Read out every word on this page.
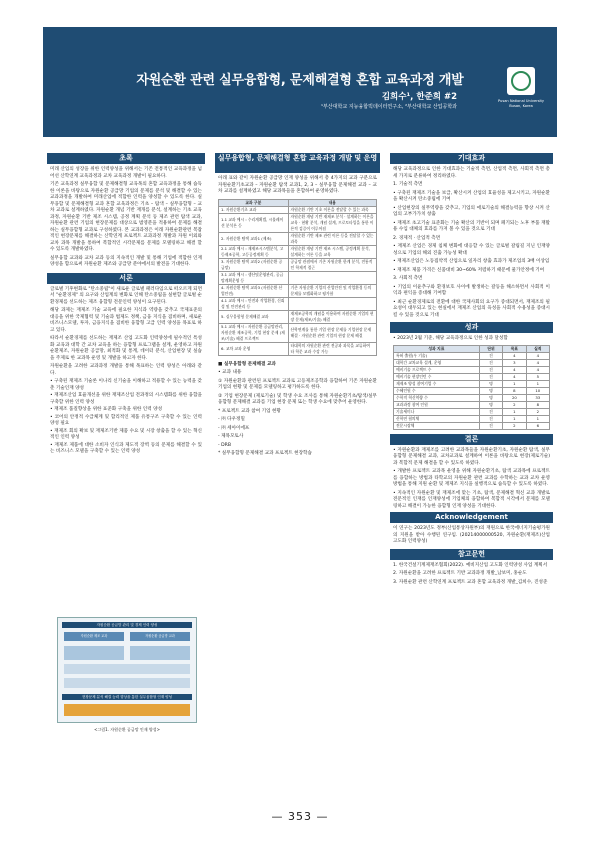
자원순환 관련 실무융합형, 문제해결형 혼합 교육과정 개발
김희수¹, 한준희 #2
¹부산대학교 지능융합빅데이터연구소, ²부산대학교 산업공학과
Pusan National University Busan, Korea
초록

미래 산업의 성장을 위한 인력양성을 위해서는 기존 전통적인 교육과정을 넘어선 산학연계 교육과정과 교차 교육과정 개발이 필요하다.

기존 교육과정 실무융합 및 문제해결형 교육목의 혼합 교육과정을 통해 습득한 이론을 바탕으로 자원순환 공급망 기업의 문제를 분석 및 해결할 수 있는 교과과정을 개발하여 미래산업에 적합한 인력을 양성할 수 있도록 한다. 실무융합 및 문제해결형 교과 혼합 교육과정은 기초 – 탐색 – 실무융합형 – 교차 교과로 설계하였다. 자원순환 개념 기반 재개를 분석, 설계하는 기초 교육과정, 자원순환 기반 제조 시스템, 공정 계획 분석 등 제조 관련 탐색 교과, 자원순환 관련 기업의 현장문제를 대상으로 범영분을 적용하여 문제를 해결하는 실무융합형 교과로 구성하였다. 본 교과과정은 이래 자원순환관련 복잡적인 현장문제를 해결하는 산학연계 프로젝트 교과과정 개발과 자원 이외와 교차 과목 개발을 통하여 복합적인 시각문제를 문제를 모델링하고 해결 할 수 있도록 개발하였다.

실무융합 교과와 교차 교과 등의 지속적인 개발 및 통해 기업에 적합한 인재양성을 함으로써 자원순환 제조와 공급망 분야에서의 발전을 기대한다.

서론

글로벌 기후변화로 "탄소중립"이 새로운 글로벌 패러다임으로 떠오르게 되면서 "순환경제" 의 요구와 산업계의 변화로 인해 탄소중립을 실현할 글로벌 순환경제를 선도하는 제조 융합형 전문인력 양성이 요구된다.

해당 과제는 재제조 기술 교육에 필요한 지식과 역량을 갖추고 국제표준의 대응을 위한 국제협력 및 기술과 법제도 정책, 금융 지식을 겸비하며, 새로운 비즈니스모델, 투자, 금융지식을 겸비한 융합형 고급 인력 양성을 목표로 하고 있다.

따라서 순환경제를 선도하는 재제조 산업 고도화 인력양성에 필수적인 특성화 교육과 대학 간 교차 교육을 하는 융합형 프로그램을 설계, 운영하고 자원순환제조, 자원순환 공급망, 최적화 및 통계, 데이터 분석, 산업현장 및 실습을 주제로 한 교과목 운영 및 개발을 하고자 한다.

자원순환을 고려한 교과과정 개발을 통해 목표하는 인력 양성은 아래와 같다.

• 구축된 재제조 기술론 이나리 신기술을 이해하고 적용할 수 있는 능력을 갖춘 기술인재 양성
• 재제조산업 효율개선을 위한 재제조산업 전과정의 시스템화를 위한 융합을 구축할 위한 인력 양성
• 재제조 품질향상을 위한 표준화 구축을 위한 인력 양성
• 코어의 안정적 수급체계 및 합리적인 제품 유통구조 구축할 수 있는 인력 양성 필요
• 재제조 회의 확보 및 재제조기반 제품 수요 및 시장 창출을 할 수 있는 혁신적인 인력 양성
• 재제조 제품에 대한 소비자 인식과 제도적 장벽 등의 문제를 해결할 수 있는 비즈니스 모델을 구축할 수 있는 인력 양성
자원순환 공급망 관리 및 경제 인력 양성
자원순환 제조 교과	자원순환 공급망 교과
현장문제 분석 해결 능력 향상을 통한 실무융합형 인재 양성
<그림1. 자원순환 공급망 인재 양성>
실무융합형, 문제해결형 혼합 교육과정 개발 및 운영
아래 표와 같이 자원순환 공급망 인재 양성을 위해서 총 4가지의 교과 구분으로 자원순환기초교과 – 자원순환 탐색 교과1, 2, 3 – 실무융합 문제해결 교과 – 교차 교과를 설계하였고 해당 교과목들을 혼합하여 운영하였다.
교과 구분	내용
1. 자원순환기초 교과	자원순환 기반 기초 이론을 전달할 수 있는 과목
1.1 교과 예시 : 수리계획법, 시뮬레이션 분석론 등	자원순환 개념 기반 재제조 분석 · 설계하는 이론을 교육 · 현황 분석, 개념 설계, 프로토타입을 통한 이론적 검증이 이루어짐
2. 자원순환 탐색 교과1 (제조)	자원순환 기반 제조 관련 이론 등을 전달할 수 있는 과목
2.1 교과 예시 : 재제조시스템분석, 고등제조공학, 고등공정계획 등	자원순환 개념 기반 제조 시스템, 공정계획 분석, 설계하는 이론 등을 교육
3. 자원순환 탐색 교과2 (자원순환 공급망)	공급망 관점에서 기존 자원순환 한계 분석, 전통적인 학제적 접근
3.1 교과 예시 : 생산및운영관리, 공급망계획운영 등	
4. 자원순환 탐색 교과3 (자원순환 산업안전)	기존 자원순환 기업의 산업안전 및 작업환경 등의 문제를 모델화하고 평가함
4.1 교과 예시 : 안전과 작업환경, 신뢰성 및 안전관리 등	
5. 실무융합형 문제해결 교과	재제조공학의 개념을 이용하여 자원순환 기업의 현장 문제(제조/기술) 해결
5.1 교과 예시 : 자원순환 공급망관리, 자원순환 제조공학, 기업 현장 문제 (제조/기술) 해결 프로젝트	산학연계를 통한 기업 현장 문제를 기업현장 문제 해결 · 자원순환 관련 기업의 현장 문제 해결
6. 교차 교과 운영	타대학의 자원순환 관련 전공과 과목을 교류하여 타 학문 교과 수강 가능

■ 실무융합형 문제해결 교과

• 교과 내용

① 자원순환과 관련된 프로젝트 교과로 고등제조공학과 융합하여 기존 자원순환 기업의 현황 및 문제를 모델링하고 평가하도록 한다.

② 기업 현장문제 (제로기술) 및 학생 수요 조사를 통해 자원순환기초/탐색/실무융합형 문제해결 교과를 기업 현장 문제 또는 학생 수요에 맞추어 운영한다.

* 프로젝트 교과 참여 기업 현황

- ㈜ 다우정밀

- ㈜ 세아이에프

- 제목모토사

- DRB

* 실무융합형 문제해결 교과 프로젝트 현장학습

기대효과

해당 교육과정으로 인한 기대효과는 기술적 측면, 산업적 측면, 사회적 측면 총 세 가지로 분류하여 정리하였다.

1. 기술적 측면

• 구축된 재제조 기술을 보급, 확산시켜 산업의 효율성을 제고시키고, 자원순환을 확산시켜 탄소중립에 기여

• 산업현장의 실무역량을 갖추고, 기업의 애로기술의 해결능력을 향상 시켜 산업의 고부가가치 창출

• 재제조 초고기술 표준화는 기술 확산의 기반이 되며 폐기되는 노후 부품 재활용 수입 대체의 효과를 가져 볼 수 있을 것으로 기대

2. 경제적 · 산업적 측면

• 재제조 산업은 경제 침체 변화에 대응할 수 있는 글로벌 갈림길 지닌 인재양성으로 기업의 해외 진출 가능성 확대

• 재제조산업은 노동집약적 산업으로 일자리 창출 효과가 제조업의 3배 이상임

• 재제조 제품 가격은 신품대비 30~60% 저렴하기 때문에 물가안정에 기여

3. 사회적 측면

• 기업의 이윤추구와 환경보호 사이에 발생하는 갈등을 해소하면서 사회적 이익과 편익을 증대해 기여함

• 최근 순환경제로의 전환에 대한 국제사회의 요구가 증대되면서, 재제조의 필요성이 대두되고 있는 현실에서 재제조 산업의 육성을 사회적 수용성을 증대시킬 수 있을 것으로 기대

성과
• 2023년 2월 기준, 해당 교육과정으로 인한 성과 달성함
성과 지표	단위	목표	실적
특허 출원(우 기술)	건	4	4
대학간 교차교육 설계, 운영	건	3	4
예비기술 프로젝트 수	건	4	4
예비기술 현장인턴 수	건	4	5
재제조 양성 참여기업 수	명	1	1
수혜인원 수	명	8	10
수학적 혁신역량 수	명	20	33
교과과정 참여 인원	명	2	8
기술세미나	건	1	2
산학연 협의체	건	1	1
전문시장체	건	2	6
결론

• 자원순환과 재제조를 고려한 교과목들을 자원순환기초, 자원순환 탐색, 실무융합형 문제해결 교과, 교차교과로 설계하여 이론을 바탕으로 현장(제로기술)과 복합적 문제 해결을 할 수 있도록 하였다.

• 개발한 프로젝트 교과목 운영을 위해 자원순환기초, 탐색 교과목에 프로젝트를 융합하는 방법과 타학교의 자원순환 관련 교과를 수학하는 교과 교차 운영 방법을 통해 지원 순환 및 재제조 지식을 실행적으로 습득할 수 있도록 하였다.

• 지속적인 자원순환 및 재제조에 맞는 기초, 탐색, 문제해결 혁신 교과 개발로 전문적인 인재를 인재양성에 기업체의 융합하여 복합적 시각에서 문제를 모델링하고 해결이 가능한 융합형 인재 양성을 기대한다.

Acknowledgement
이 연구는 2023년도 정부(산업통상자원부)의 재원으로 한국에너지기술평가원의 지원을 받아 수행된 연구임. (20214000000520, 자원순환(재제조)산업 고도화 인력양성)
참고문헌

1. 한국건설기계제재조협회(2022). 예비지산업 고도화 인력양성 사업 계획서

2. 자원순환을 고려한 프로젝트 기반 교과과정 개발_남보미, 홍순도

3. 자원순환 관련 산학연계 프로젝트 교과 혼합 교육과정 개발_김희수, 진성준

— 353 —
